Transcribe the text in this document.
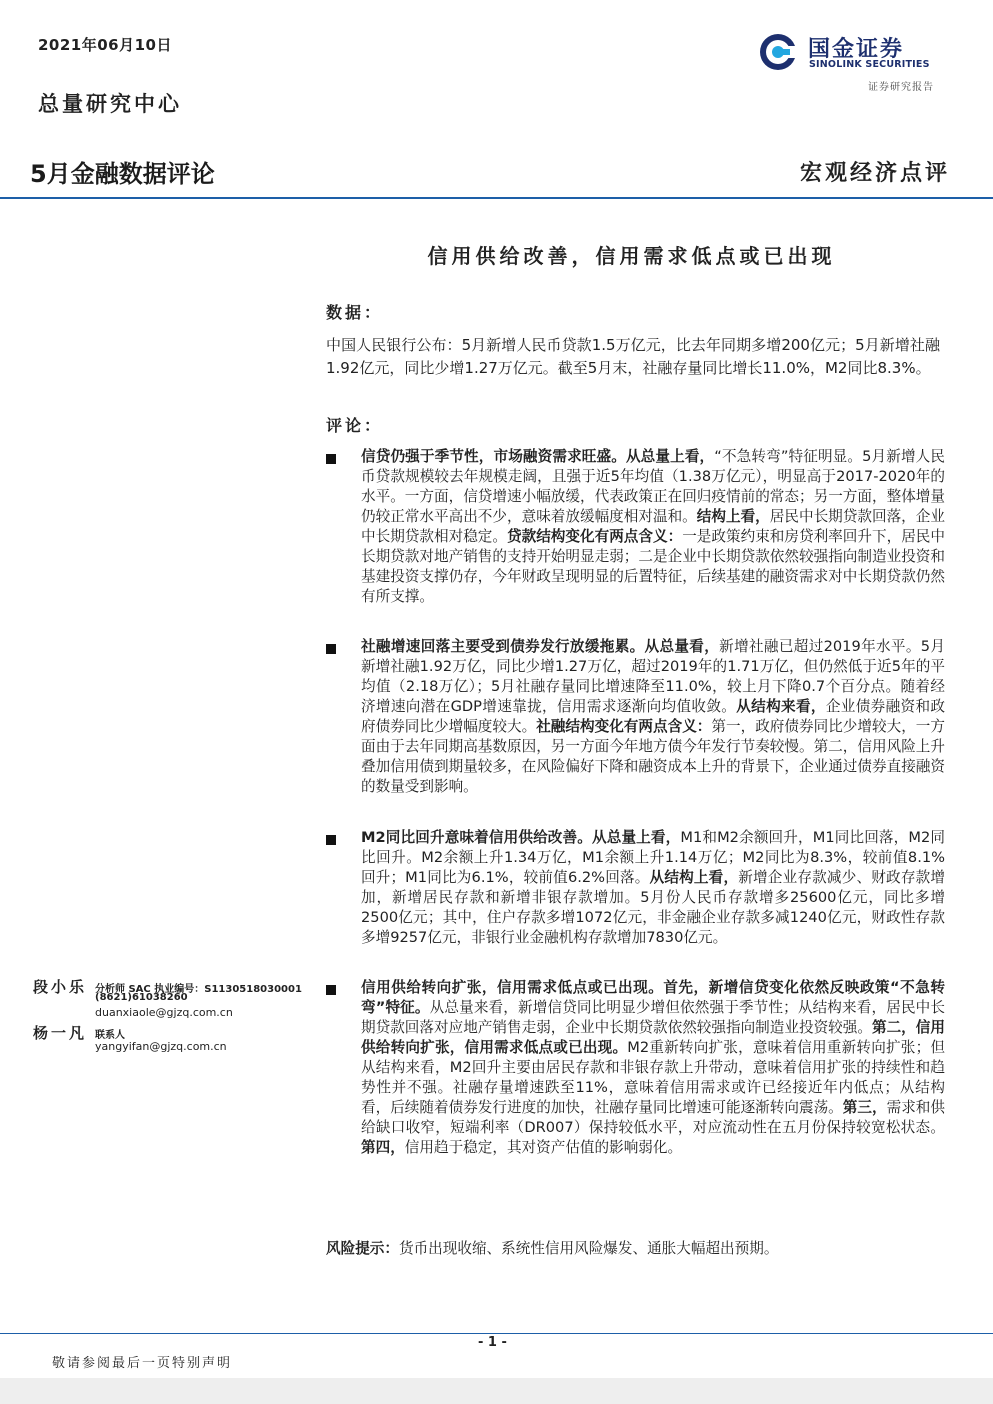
2021年06月10日
总量研究中心
国金证券
SINOLINK SECURITIES
证券研究报告
5月金融数据评论	宏观经济点评
信用供给改善，信用需求低点或已出现
数据：
中国人民银行公布：5月新增人民币贷款1.5万亿元，比去年同期多增200亿元；5月新增社融1.92亿元，同比少增1.27万亿元。截至5月末，社融存量同比增长11.0%，M2同比8.3%。
评论：
信贷仍强于季节性，市场融资需求旺盛。从总量上看，“不急转弯”特征明显。5月新增人民币贷款规模较去年规模走阔，且强于近5年均值（1.38万亿元），明显高于2017-2020年的水平。一方面，信贷增速小幅放缓，代表政策正在回归疫情前的常态；另一方面，整体增量仍较正常水平高出不少，意味着放缓幅度相对温和。结构上看，居民中长期贷款回落，企业中长期贷款相对稳定。贷款结构变化有两点含义：一是政策约束和房贷利率回升下，居民中长期贷款对地产销售的支持开始明显走弱；二是企业中长期贷款依然较强指向制造业投资和基建投资支撑仍存，今年财政呈现明显的后置特征，后续基建的融资需求对中长期贷款仍然有所支撑。
社融增速回落主要受到债券发行放缓拖累。从总量看，新增社融已超过2019年水平。5月新增社融1.92万亿，同比少增1.27万亿，超过2019年的1.71万亿，但仍然低于近5年的平均值（2.18万亿）；5月社融存量同比增速降至11.0%，较上月下降0.7个百分点。随着经济增速向潜在GDP增速靠拢，信用需求逐渐向均值收敛。从结构来看，企业债券融资和政府债券同比少增幅度较大。社融结构变化有两点含义：第一，政府债券同比少增较大，一方面由于去年同期高基数原因，另一方面今年地方债今年发行节奏较慢。第二，信用风险上升叠加信用债到期量较多，在风险偏好下降和融资成本上升的背景下，企业通过债券直接融资的数量受到影响。
M2同比回升意味着信用供给改善。从总量上看，M1和M2余额回升，M1同比回落，M2同比回升。M2余额上升1.34万亿，M1余额上升1.14万亿；M2同比为8.3%，较前值8.1%回升；M1同比为6.1%，较前值6.2%回落。从结构上看，新增企业存款减少、财政存款增加，新增居民存款和新增非银存款增加。5月份人民币存款增多25600亿元，同比多增2500亿元；其中，住户存款多增1072亿元，非金融企业存款多减1240亿元，财政性存款多增9257亿元，非银行业金融机构存款增加7830亿元。
信用供给转向扩张，信用需求低点或已出现。首先，新增信贷变化依然反映政策“不急转弯”特征。从总量来看，新增信贷同比明显少增但依然强于季节性；从结构来看，居民中长期贷款回落对应地产销售走弱，企业中长期贷款依然较强指向制造业投资较强。第二，信用供给转向扩张，信用需求低点或已出现。M2重新转向扩张，意味着信用重新转向扩张；但从结构来看，M2回升主要由居民存款和非银存款上升带动，意味着信用扩张的持续性和趋势性并不强。社融存量增速跌至11%，意味着信用需求或许已经接近年内低点；从结构看，后续随着债券发行进度的加快，社融存量同比增速可能逐渐转向震荡。第三，需求和供给缺口收窄，短端利率（DR007）保持较低水平，对应流动性在五月份保持较宽松状态。第四，信用趋于稳定，其对资产估值的影响弱化。
段小乐 分析师 SAC 执业编号：S1130518030001
(8621)61038260
duanxiaole@gjzq.com.cn
杨一凡 联系人
yangyifan@gjzq.com.cn
风险提示：货币出现收缩、系统性信用风险爆发、通胀大幅超出预期。
- 1 -
敬请参阅最后一页特别声明
